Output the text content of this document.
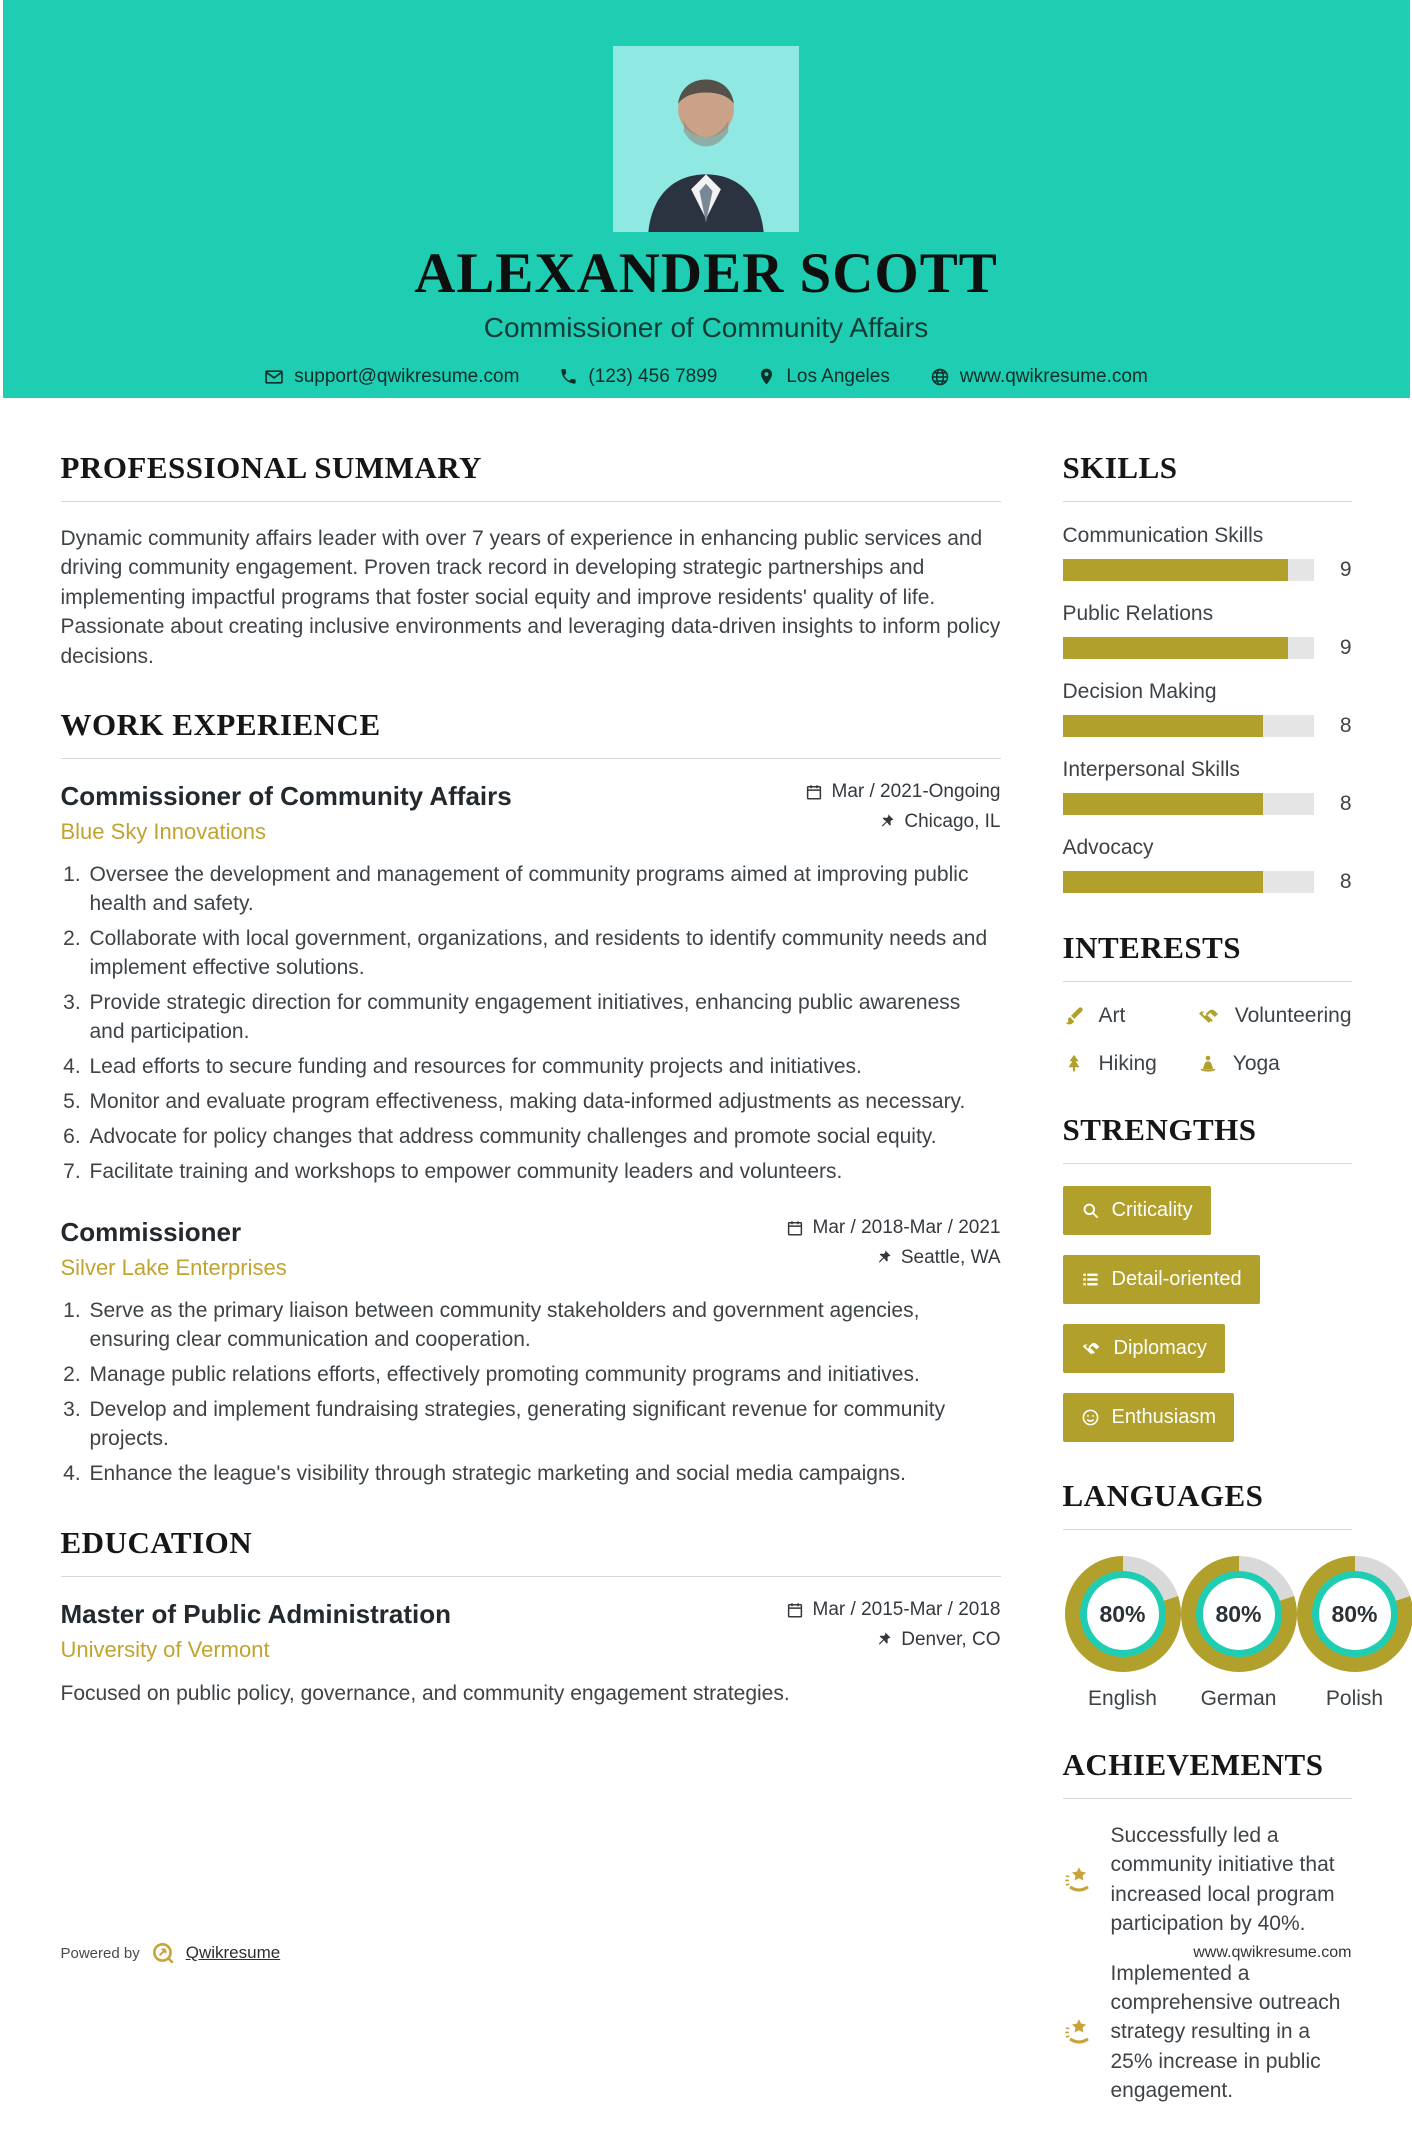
ALEXANDER SCOTT
Commissioner of Community Affairs
support@qwikresume.com	(123) 456 7899	Los Angeles	www.qwikresume.com
PROFESSIONAL SUMMARY

Dynamic community affairs leader with over 7 years of experience in enhancing public services and driving community engagement. Proven track record in developing strategic partnerships and implementing impactful programs that foster social equity and improve residents' quality of life. Passionate about creating inclusive environments and leveraging data-driven insights to inform policy decisions.

WORK EXPERIENCE
Commissioner of Community Affairs
Blue Sky Innovations
Mar / 2021-Ongoing
Chicago, IL
1. Oversee the development and management of community programs aimed at improving public health and safety.
2. Collaborate with local government, organizations, and residents to identify community needs and implement effective solutions.
3. Provide strategic direction for community engagement initiatives, enhancing public awareness and participation.
4. Lead efforts to secure funding and resources for community projects and initiatives.
5. Monitor and evaluate program effectiveness, making data-informed adjustments as necessary.
6. Advocate for policy changes that address community challenges and promote social equity.
7. Facilitate training and workshops to empower community leaders and volunteers.
Commissioner
Silver Lake Enterprises
Mar / 2018-Mar / 2021
Seattle, WA
1. Serve as the primary liaison between community stakeholders and government agencies, ensuring clear communication and cooperation.
2. Manage public relations efforts, effectively promoting community programs and initiatives.
3. Develop and implement fundraising strategies, generating significant revenue for community projects.
4. Enhance the league's visibility through strategic marketing and social media campaigns.
EDUCATION
Master of Public Administration
University of Vermont
Mar / 2015-Mar / 2018
Denver, CO

Focused on public policy, governance, and community engagement strategies.

SKILLS
Communication Skills
9
Public Relations
9
Decision Making
8
Interpersonal Skills
8
Advocacy
8
INTERESTS
Art	Volunteering
Hiking	Yoga
STRENGTHS
Criticality
Detail-oriented
Diplomacy
Enthusiasm
LANGUAGES
80%
English
80%
German
80%
Polish
ACHIEVEMENTS
Successfully led a community initiative that increased local program participation by 40%.
Implemented a comprehensive outreach strategy resulting in a 25% increase in public engagement.
Powered by	Qwikresume	www.qwikresume.com
